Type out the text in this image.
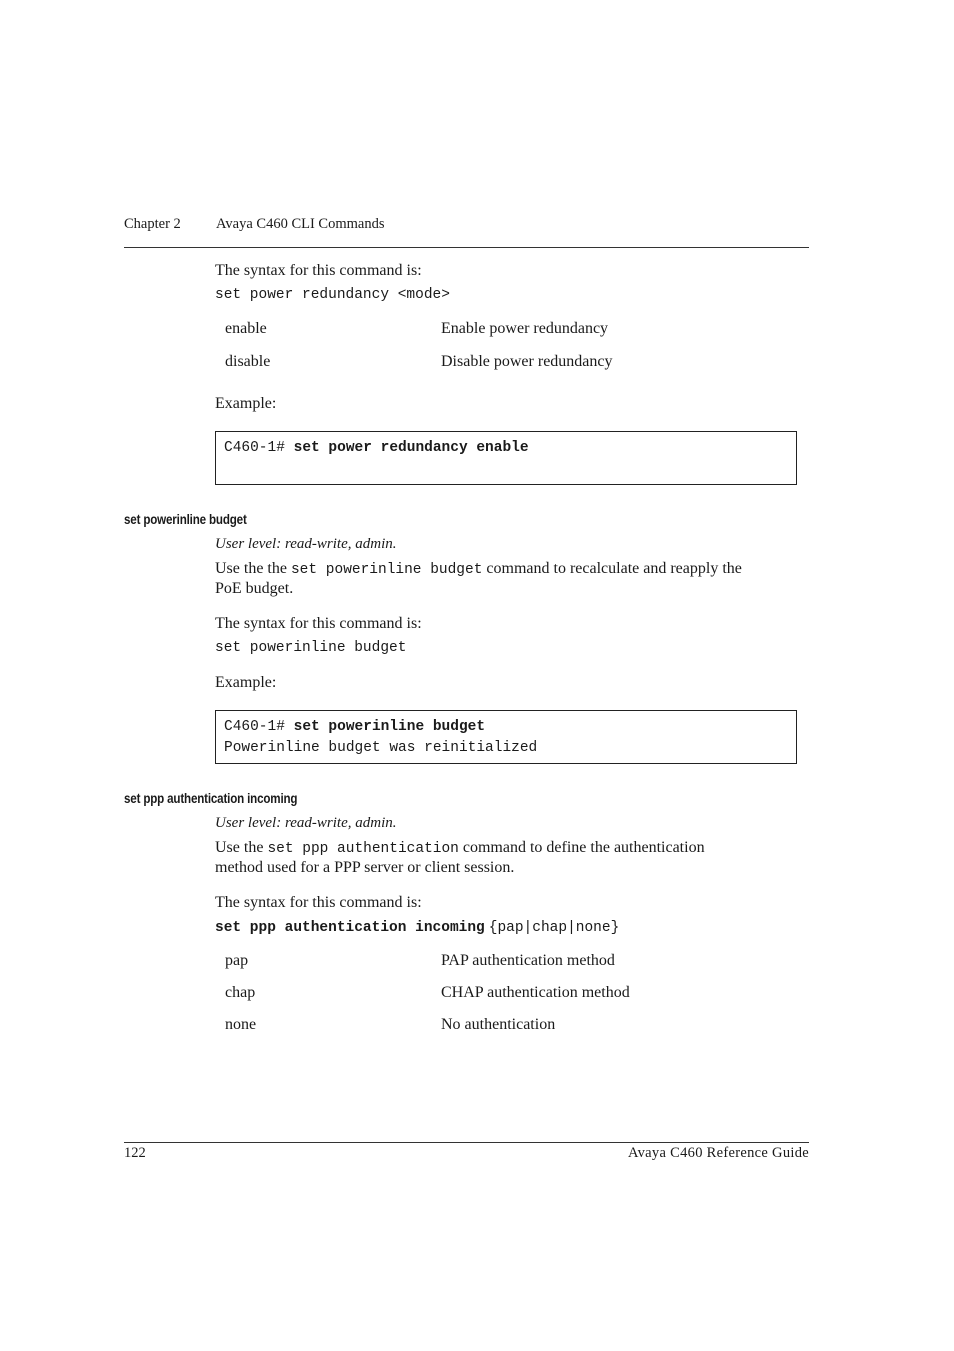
Chapter 2 Avaya C460 CLI Commands
The syntax for this command is:
set power redundancy <mode>
enable	Enable power redundancy
disable	Disable power redundancy
Example:
C460-1# set power redundancy enable
set powerinline budget
User level: read-write, admin.
Use the the set powerinline budget command to recalculate and reapply the
PoE budget.
The syntax for this command is:
set powerinline budget
Example:
C460-1# set powerinline budget
Powerinline budget was reinitialized
set ppp authentication incoming
User level: read-write, admin.
Use the set ppp authentication command to define the authentication
method used for a PPP server or client session.
The syntax for this command is:
set ppp authentication incoming {pap|chap|none}
pap	PAP authentication method
chap	CHAP authentication method
none	No authentication
122	Avaya C460 Reference Guide
